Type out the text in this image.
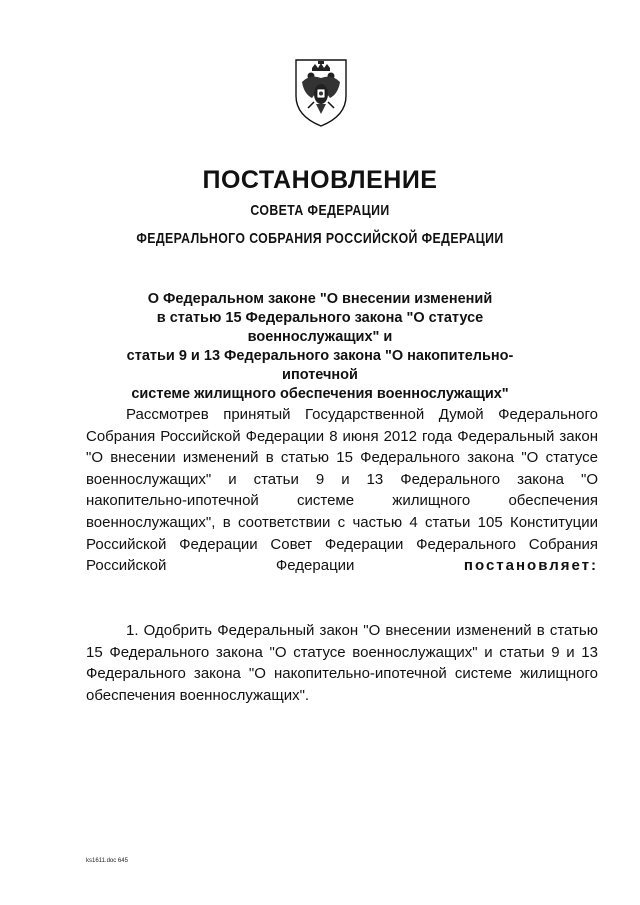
ПОСТАНОВЛЕНИЕ
СОВЕТА ФЕДЕРАЦИИ
ФЕДЕРАЛЬНОГО СОБРАНИЯ РОССИЙСКОЙ ФЕДЕРАЦИИ
О Федеральном законе "О внесении изменений
в статью 15 Федерального закона "О статусе военнослужащих" и
статьи 9 и 13 Федерального закона "О накопительно-ипотечной
системе жилищного обеспечения военнослужащих"
Рассмотрев принятый Государственной Думой Федерального Собрания Российской Федерации 8 июня 2012 года Федеральный закон "О внесении изменений в статью 15 Федерального закона "О статусе военнослужащих" и статьи 9 и 13 Федерального закона "О накопительно-ипотечной системе жилищного обеспечения военнослужащих", в соответствии с частью 4 статьи 105 Конституции Российской Федерации Совет Федерации Федерального Собрания Российской Федерации	постановляет:
1. Одобрить Федеральный закон "О внесении изменений в статью 15 Федерального закона "О статусе военнослужащих" и статьи 9 и 13 Федерального закона "О накопительно-ипотечной системе жилищного обеспечения военнослужащих".
ks1611.doc 645
